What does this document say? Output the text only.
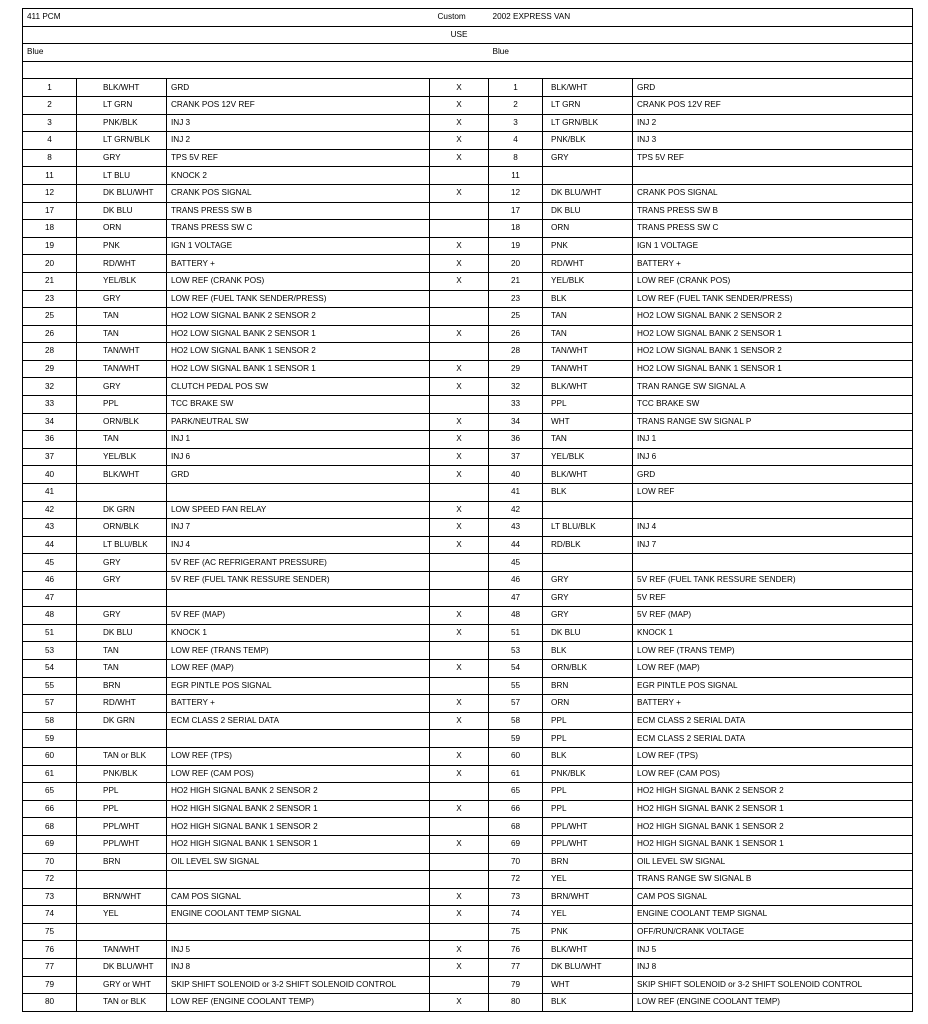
411 PCM			Custom	2002 EXPRESS VAN		
			USE			
Blue				Blue		

1	BLK/WHT	GRD	X	1	BLK/WHT	GRD
2	LT GRN	CRANK POS 12V REF	X	2	LT GRN	CRANK POS 12V REF
3	PNK/BLK	INJ 3	X	3	LT GRN/BLK	INJ 2
4	LT GRN/BLK	INJ 2	X	4	PNK/BLK	INJ 3
8	GRY	TPS 5V REF	X	8	GRY	TPS 5V REF
11	LT BLU	KNOCK 2		11		
12	DK BLU/WHT	CRANK POS SIGNAL	X	12	DK BLU/WHT	CRANK POS SIGNAL
17	DK BLU	TRANS PRESS SW B		17	DK BLU	TRANS PRESS SW B
18	ORN	TRANS PRESS SW C		18	ORN	TRANS PRESS SW C
19	PNK	IGN 1 VOLTAGE	X	19	PNK	IGN 1 VOLTAGE
20	RD/WHT	BATTERY +	X	20	RD/WHT	BATTERY +
21	YEL/BLK	LOW REF (CRANK POS)	X	21	YEL/BLK	LOW REF (CRANK POS)
23	GRY	LOW REF (FUEL TANK SENDER/PRESS)		23	BLK	LOW REF (FUEL TANK SENDER/PRESS)
25	TAN	HO2 LOW SIGNAL BANK 2 SENSOR 2		25	TAN	HO2 LOW SIGNAL BANK 2 SENSOR 2
26	TAN	HO2 LOW SIGNAL BANK 2 SENSOR 1	X	26	TAN	HO2 LOW SIGNAL BANK 2 SENSOR 1
28	TAN/WHT	HO2 LOW SIGNAL BANK 1 SENSOR 2		28	TAN/WHT	HO2 LOW SIGNAL BANK 1 SENSOR 2
29	TAN/WHT	HO2 LOW SIGNAL BANK 1 SENSOR 1	X	29	TAN/WHT	HO2 LOW SIGNAL BANK 1 SENSOR 1
32	GRY	CLUTCH PEDAL POS SW	X	32	BLK/WHT	TRAN RANGE SW SIGNAL A
33	PPL	TCC BRAKE SW		33	PPL	TCC BRAKE SW
34	ORN/BLK	PARK/NEUTRAL SW	X	34	WHT	TRANS RANGE SW SIGNAL P
36	TAN	INJ 1	X	36	TAN	INJ 1
37	YEL/BLK	INJ 6	X	37	YEL/BLK	INJ 6
40	BLK/WHT	GRD	X	40	BLK/WHT	GRD
41				41	BLK	LOW REF
42	DK GRN	LOW SPEED FAN RELAY	X	42		
43	ORN/BLK	INJ 7	X	43	LT BLU/BLK	INJ 4
44	LT BLU/BLK	INJ 4	X	44	RD/BLK	INJ 7
45	GRY	5V REF (AC REFRIGERANT PRESSURE)		45		
46	GRY	5V REF (FUEL TANK RESSURE SENDER)		46	GRY	5V REF (FUEL TANK RESSURE SENDER)
47				47	GRY	5V REF
48	GRY	5V REF (MAP)	X	48	GRY	5V REF (MAP)
51	DK BLU	KNOCK 1	X	51	DK BLU	KNOCK 1
53	TAN	LOW REF (TRANS TEMP)		53	BLK	LOW REF (TRANS TEMP)
54	TAN	LOW REF (MAP)	X	54	ORN/BLK	LOW REF (MAP)
55	BRN	EGR PINTLE POS SIGNAL		55	BRN	EGR PINTLE POS SIGNAL
57	RD/WHT	BATTERY +	X	57	ORN	BATTERY +
58	DK GRN	ECM CLASS 2 SERIAL DATA	X	58	PPL	ECM CLASS 2 SERIAL DATA
59				59	PPL	ECM CLASS 2 SERIAL DATA
60	TAN or BLK	LOW REF (TPS)	X	60	BLK	LOW REF (TPS)
61	PNK/BLK	LOW REF (CAM POS)	X	61	PNK/BLK	LOW REF (CAM POS)
65	PPL	HO2 HIGH SIGNAL BANK 2 SENSOR 2		65	PPL	HO2 HIGH SIGNAL BANK 2 SENSOR 2
66	PPL	HO2 HIGH SIGNAL BANK 2 SENSOR 1	X	66	PPL	HO2 HIGH SIGNAL BANK 2 SENSOR 1
68	PPL/WHT	HO2 HIGH SIGNAL BANK 1 SENSOR 2		68	PPL/WHT	HO2 HIGH SIGNAL BANK 1 SENSOR 2
69	PPL/WHT	HO2 HIGH SIGNAL BANK 1 SENSOR 1	X	69	PPL/WHT	HO2 HIGH SIGNAL BANK 1 SENSOR 1
70	BRN	OIL LEVEL SW SIGNAL		70	BRN	OIL LEVEL SW SIGNAL
72				72	YEL	TRANS RANGE SW SIGNAL B
73	BRN/WHT	CAM POS SIGNAL	X	73	BRN/WHT	CAM POS SIGNAL
74	YEL	ENGINE COOLANT TEMP SIGNAL	X	74	YEL	ENGINE COOLANT TEMP SIGNAL
75				75	PNK	OFF/RUN/CRANK VOLTAGE
76	TAN/WHT	INJ 5	X	76	BLK/WHT	INJ 5
77	DK BLU/WHT	INJ 8	X	77	DK BLU/WHT	INJ 8
79	GRY or WHT	SKIP SHIFT SOLENOID or 3-2 SHIFT SOLENOID CONTROL		79	WHT	SKIP SHIFT SOLENOID or 3-2 SHIFT SOLENOID CONTROL
80	TAN or BLK	LOW REF (ENGINE COOLANT TEMP)	X	80	BLK	LOW REF (ENGINE COOLANT TEMP)
